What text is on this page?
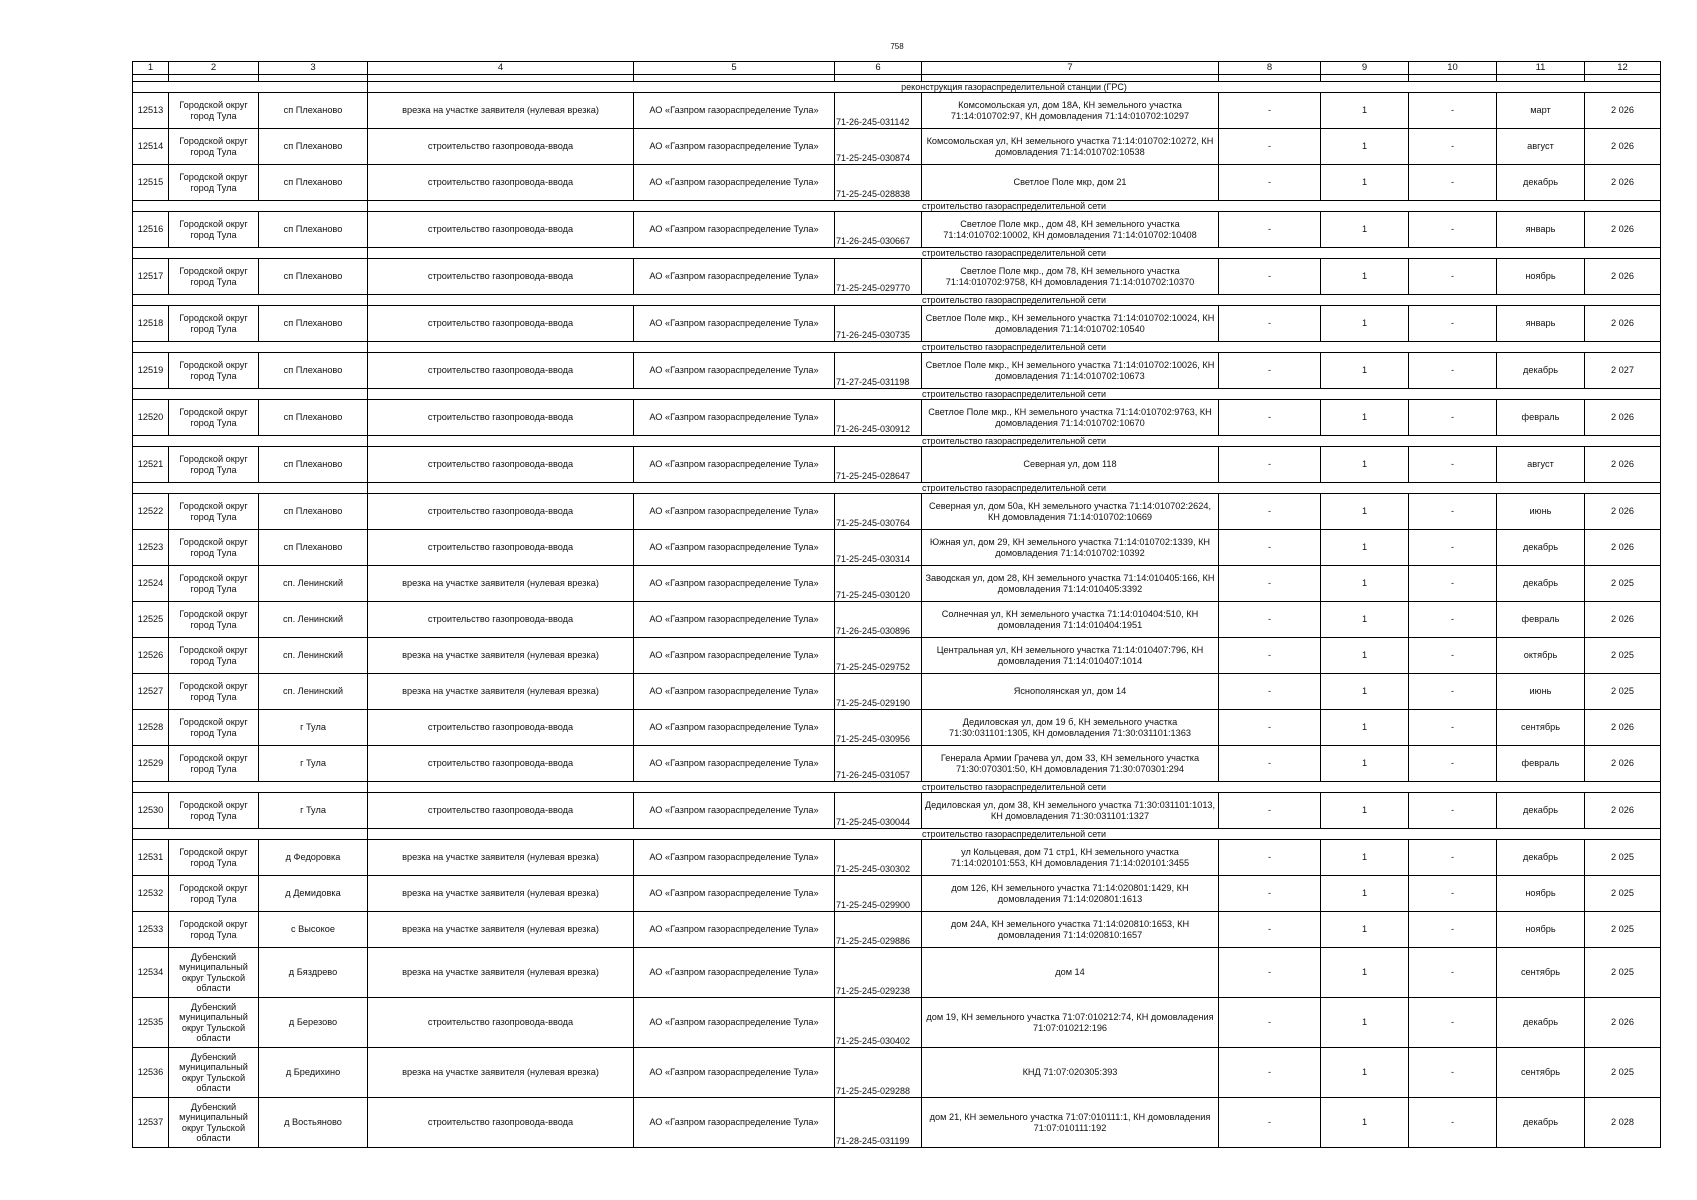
758
1	2	3	4	5	6	7	8	9	10	11	12

			реконструкция газораспределительной станции (ГРС)								
12513	Городской округ город Тула	сп Плеханово	врезка на участке заявителя (нулевая врезка)	АО «Газпром газораспределение Тула»	71-26-245-031142	Комсомольская ул, дом 18А, КН земельного участка 71:14:010702:97, КН домовладения 71:14:010702:10297	-	1	-	март	2 026
12514	Городской округ город Тула	сп Плеханово	строительство газопровода-ввода	АО «Газпром газораспределение Тула»	71-25-245-030874	Комсомольская ул, КН земельного участка 71:14:010702:10272, КН домовладения 71:14:010702:10538	-	1	-	август	2 026
12515	Городской округ город Тула	сп Плеханово	строительство газопровода-ввода	АО «Газпром газораспределение Тула»	71-25-245-028838	Светлое Поле мкр, дом 21	-	1	-	декабрь	2 026
			строительство газораспределительной сети								
12516	Городской округ город Тула	сп Плеханово	строительство газопровода-ввода	АО «Газпром газораспределение Тула»	71-26-245-030667	Светлое Поле мкр., дом 48, КН земельного участка 71:14:010702:10002, КН домовладения 71:14:010702:10408	-	1	-	январь	2 026
			строительство газораспределительной сети								
12517	Городской округ город Тула	сп Плеханово	строительство газопровода-ввода	АО «Газпром газораспределение Тула»	71-25-245-029770	Светлое Поле мкр., дом 78, КН земельного участка 71:14:010702:9758, КН домовладения 71:14:010702:10370	-	1	-	ноябрь	2 026
			строительство газораспределительной сети								
12518	Городской округ город Тула	сп Плеханово	строительство газопровода-ввода	АО «Газпром газораспределение Тула»	71-26-245-030735	Светлое Поле мкр., КН земельного участка 71:14:010702:10024, КН домовладения 71:14:010702:10540	-	1	-	январь	2 026
			строительство газораспределительной сети								
12519	Городской округ город Тула	сп Плеханово	строительство газопровода-ввода	АО «Газпром газораспределение Тула»	71-27-245-031198	Светлое Поле мкр., КН земельного участка 71:14:010702:10026, КН домовладения 71:14:010702:10673	-	1	-	декабрь	2 027
			строительство газораспределительной сети								
12520	Городской округ город Тула	сп Плеханово	строительство газопровода-ввода	АО «Газпром газораспределение Тула»	71-26-245-030912	Светлое Поле мкр., КН земельного участка 71:14:010702:9763, КН домовладения 71:14:010702:10670	-	1	-	февраль	2 026
			строительство газораспределительной сети								
12521	Городской округ город Тула	сп Плеханово	строительство газопровода-ввода	АО «Газпром газораспределение Тула»	71-25-245-028647	Северная ул, дом 118	-	1	-	август	2 026
			строительство газораспределительной сети								
12522	Городской округ город Тула	сп Плеханово	строительство газопровода-ввода	АО «Газпром газораспределение Тула»	71-25-245-030764	Северная ул, дом 50а, КН земельного участка 71:14:010702:2624, КН домовладения 71:14:010702:10669	-	1	-	июнь	2 026
12523	Городской округ город Тула	сп Плеханово	строительство газопровода-ввода	АО «Газпром газораспределение Тула»	71-25-245-030314	Южная ул, дом 29, КН земельного участка 71:14:010702:1339, КН домовладения 71:14:010702:10392	-	1	-	декабрь	2 026
12524	Городской округ город Тула	сп. Ленинский	врезка на участке заявителя (нулевая врезка)	АО «Газпром газораспределение Тула»	71-25-245-030120	Заводская ул, дом 28, КН земельного участка 71:14:010405:166, КН домовладения 71:14:010405:3392	-	1	-	декабрь	2 025
12525	Городской округ город Тула	сп. Ленинский	строительство газопровода-ввода	АО «Газпром газораспределение Тула»	71-26-245-030896	Солнечная ул, КН земельного участка 71:14:010404:510, КН домовладения 71:14:010404:1951	-	1	-	февраль	2 026
12526	Городской округ город Тула	сп. Ленинский	врезка на участке заявителя (нулевая врезка)	АО «Газпром газораспределение Тула»	71-25-245-029752	Центральная ул, КН земельного участка 71:14:010407:796, КН домовладения 71:14:010407:1014	-	1	-	октябрь	2 025
12527	Городской округ город Тула	сп. Ленинский	врезка на участке заявителя (нулевая врезка)	АО «Газпром газораспределение Тула»	71-25-245-029190	Яснополянская ул, дом 14	-	1	-	июнь	2 025
12528	Городской округ город Тула	г Тула	строительство газопровода-ввода	АО «Газпром газораспределение Тула»	71-25-245-030956	Дедиловская ул, дом 19 б, КН земельного участка 71:30:031101:1305, КН домовладения 71:30:031101:1363	-	1	-	сентябрь	2 026
12529	Городской округ город Тула	г Тула	строительство газопровода-ввода	АО «Газпром газораспределение Тула»	71-26-245-031057	Генерала Армии Грачева ул, дом 33, КН земельного участка 71:30:070301:50, КН домовладения 71:30:070301:294	-	1	-	февраль	2 026
			строительство газораспределительной сети								
12530	Городской округ город Тула	г Тула	строительство газопровода-ввода	АО «Газпром газораспределение Тула»	71-25-245-030044	Дедиловская ул, дом 38, КН земельного участка 71:30:031101:1013, КН домовладения 71:30:031101:1327	-	1	-	декабрь	2 026
			строительство газораспределительной сети								
12531	Городской округ город Тула	д Федоровка	врезка на участке заявителя (нулевая врезка)	АО «Газпром газораспределение Тула»	71-25-245-030302	ул Кольцевая, дом 71 стр1, КН земельного участка 71:14:020101:553, КН домовладения 71:14:020101:3455	-	1	-	декабрь	2 025
12532	Городской округ город Тула	д Демидовка	врезка на участке заявителя (нулевая врезка)	АО «Газпром газораспределение Тула»	71-25-245-029900	дом 126, КН земельного участка 71:14:020801:1429, КН домовладения 71:14:020801:1613	-	1	-	ноябрь	2 025
12533	Городской округ город Тула	с Высокое	врезка на участке заявителя (нулевая врезка)	АО «Газпром газораспределение Тула»	71-25-245-029886	дом 24А, КН земельного участка 71:14:020810:1653, КН домовладения 71:14:020810:1657	-	1	-	ноябрь	2 025
12534	Дубенский муниципальный округ Тульской области	д Бяздрево	врезка на участке заявителя (нулевая врезка)	АО «Газпром газораспределение Тула»	71-25-245-029238	дом 14	-	1	-	сентябрь	2 025
12535	Дубенский муниципальный округ Тульской области	д Березово	строительство газопровода-ввода	АО «Газпром газораспределение Тула»	71-25-245-030402	дом 19, КН земельного участка 71:07:010212:74, КН домовладения 71:07:010212:196	-	1	-	декабрь	2 026
12536	Дубенский муниципальный округ Тульской области	д Бредихино	врезка на участке заявителя (нулевая врезка)	АО «Газпром газораспределение Тула»	71-25-245-029288	КНД 71:07:020305:393	-	1	-	сентябрь	2 025
12537	Дубенский муниципальный округ Тульской области	д Востьяново	строительство газопровода-ввода	АО «Газпром газораспределение Тула»	71-28-245-031199	дом 21, КН земельного участка 71:07:010111:1, КН домовладения 71:07:010111:192	-	1	-	декабрь	2 028
